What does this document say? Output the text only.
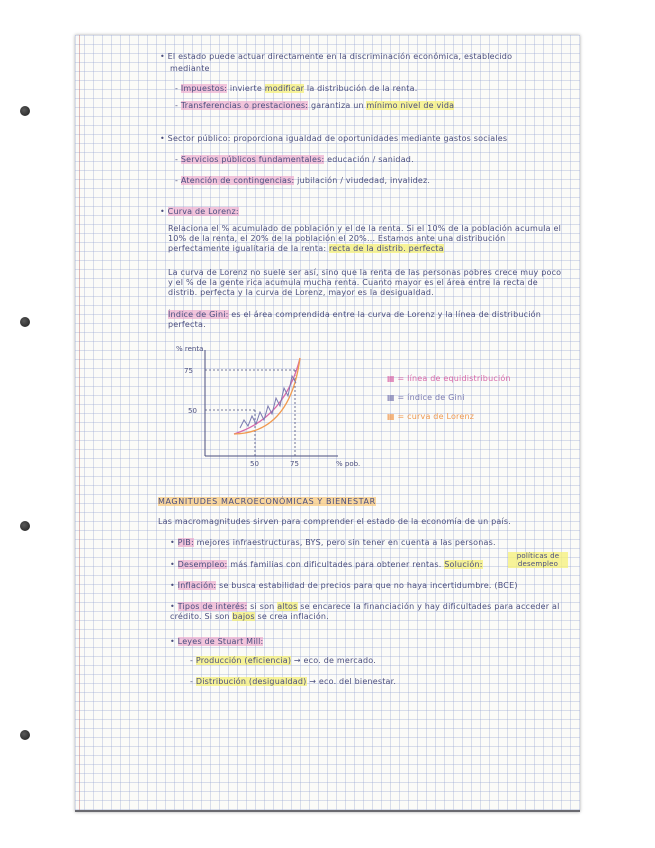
• El estado puede actuar directamente en la discriminación económica, establecido
mediante
- Impuestos: invierte modificar la distribución de la renta.
- Transferencias o prestaciones: garantiza un mínimo nivel de vida
• Sector público: proporciona igualdad de oportunidades mediante gastos sociales
- Servicios públicos fundamentales: educación / sanidad.
- Atención de contingencias: jubilación / viudedad, invalidez.
• Curva de Lorenz:
Relaciona el % acumulado de población y el de la renta. Si el 10% de la población acumula el 10% de la renta, el 20% de la población el 20%... Estamos ante una distribución perfectamente igualitaria de la renta: recta de la distrib. perfecta
La curva de Lorenz no suele ser así, sino que la renta de las personas pobres crece muy poco y el % de la gente rica acumula mucha renta. Cuanto mayor es el área entre la recta de distrib. perfecta y la curva de Lorenz, mayor es la desigualdad.
Índice de Gini: es el área comprendida entre la curva de Lorenz y la línea de distribución perfecta.
% renta
75
50
50	75	% pob.
▦ = línea de equidistribución
▦ = índice de Gini
▦ = curva de Lorenz
MAGNITUDES MACROECONÓMICAS Y BIENESTAR
Las macromagnitudes sirven para comprender el estado de la economía de un país.
• PIB: mejores infraestructuras, BYS, pero sin tener en cuenta a las personas.
• Desempleo: más familias con dificultades para obtener rentas. Solución:
políticas de desempleo
• Inflación: se busca estabilidad de precios para que no haya incertidumbre. (BCE)
• Tipos de interés: si son altos se encarece la financiación y hay dificultades para acceder al crédito. Si son bajos se crea inflación.
• Leyes de Stuart Mill:
- Producción (eficiencia) → eco. de mercado.
- Distribución (desigualdad) → eco. del bienestar.
